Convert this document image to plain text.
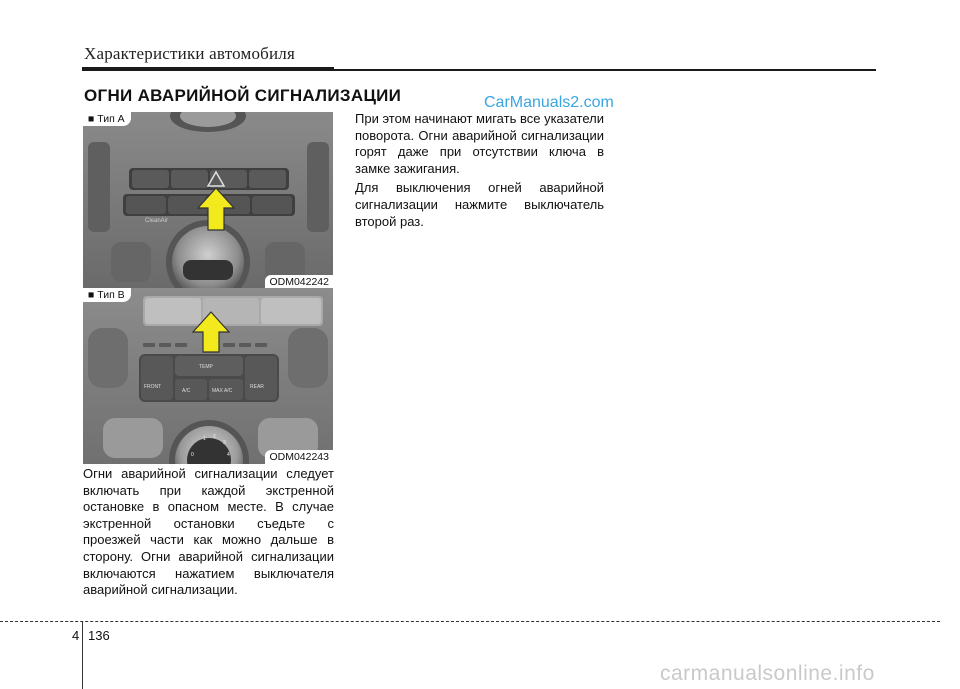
Характеристики автомобиля
ОГНИ АВАРИЙНОЙ СИГНАЛИЗАЦИИ	CarManuals2.com
CleanAir
■ Тип A
ODM042242
TEMP
FRONT	REAR
A/C	MAX A/C
1 2
3
0	4
■ Тип B
ODM042243

Огни аварийной сигнализации следует включать при каждой экстренной остановке в опасном месте. В случае экстренной остановки съедьте с проезжей части как можно дальше в сторону. Огни аварийной сигнализации включаются нажатием выключателя аварийной сигнализации.

При этом начинают мигать все указатели поворота. Огни аварийной сигнализации горят даже при отсутствии ключа в замке зажигания.

Для выключения огней аварийной сигнализации нажмите выключатель второй раз.

4 136
carmanualsonline.info
